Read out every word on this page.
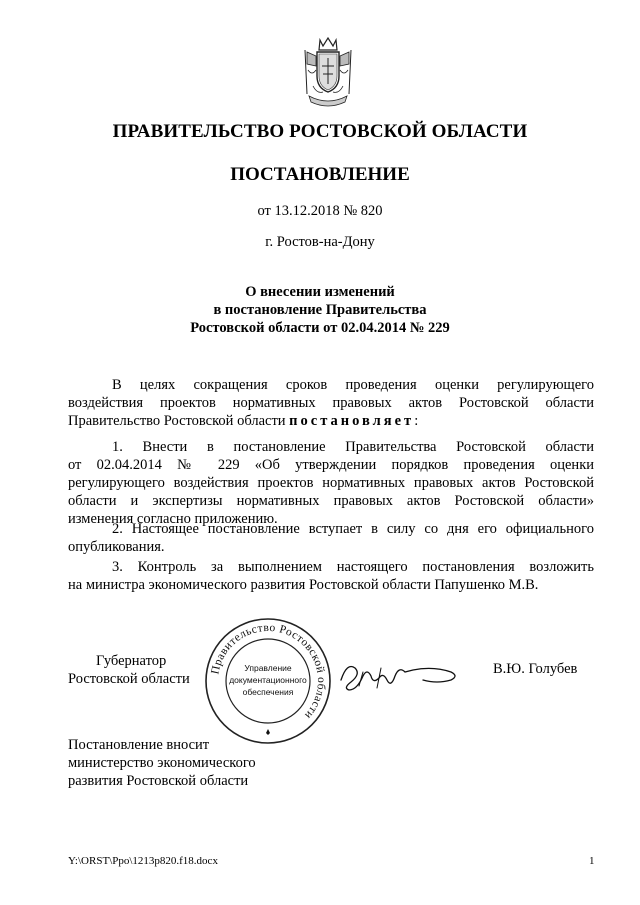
ПРАВИТЕЛЬСТВО РОСТОВСКОЙ ОБЛАСТИ
ПОСТАНОВЛЕНИЕ
от 13.12.2018 № 820
г. Ростов-на-Дону
О внесении изменений
в постановление Правительства
Ростовской области от 02.04.2014 № 229
В целях сокращения сроков проведения оценки регулирующего
воздействия проектов нормативных правовых актов Ростовской области
Правительство Ростовской области постановляет:
1. Внести в постановление Правительства Ростовской области
от 02.04.2014 № 229 «Об утверждении порядков проведения оценки
регулирующего воздействия проектов нормативных правовых актов Ростовской
области и экспертизы нормативных правовых актов Ростовской области»
изменения согласно приложению.
2. Настоящее постановление вступает в силу со дня его официального
опубликования.
3. Контроль за выполнением настоящего постановления возложить
на министра экономического развития Ростовской области Папушенко М.В.
Губернатор
Ростовской области
Правительство Ростовской области
Управление
документационного
обеспечения
В.Ю. Голубев
Постановление вносит
министерство экономического
развития Ростовской области
Y:\ORST\Ppo\1213p820.f18.docx	1
